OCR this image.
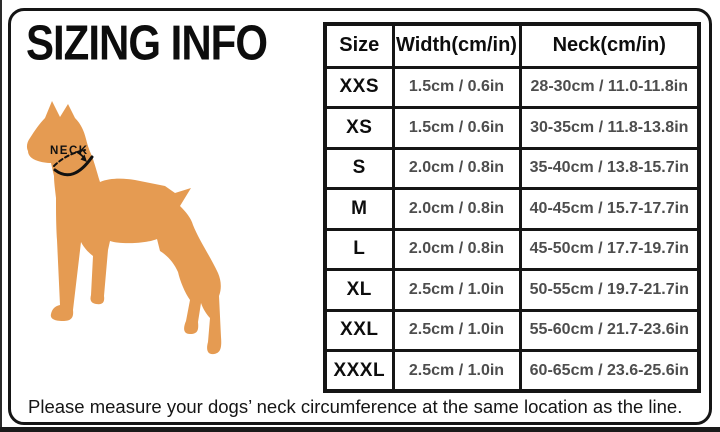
SIZING INFO
NECK
Size	Width(cm/in)	Neck(cm/in)
XXS	1.5cm / 0.6in	28-30cm / 11.0-11.8in
XS	1.5cm / 0.6in	30-35cm / 11.8-13.8in
S	2.0cm / 0.8in	35-40cm / 13.8-15.7in
M	2.0cm / 0.8in	40-45cm / 15.7-17.7in
L	2.0cm / 0.8in	45-50cm / 17.7-19.7in
XL	2.5cm / 1.0in	50-55cm / 19.7-21.7in
XXL	2.5cm / 1.0in	55-60cm / 21.7-23.6in
XXXL	2.5cm / 1.0in	60-65cm / 23.6-25.6in

Please measure your dogs’ neck circumference at the same location as the line.
